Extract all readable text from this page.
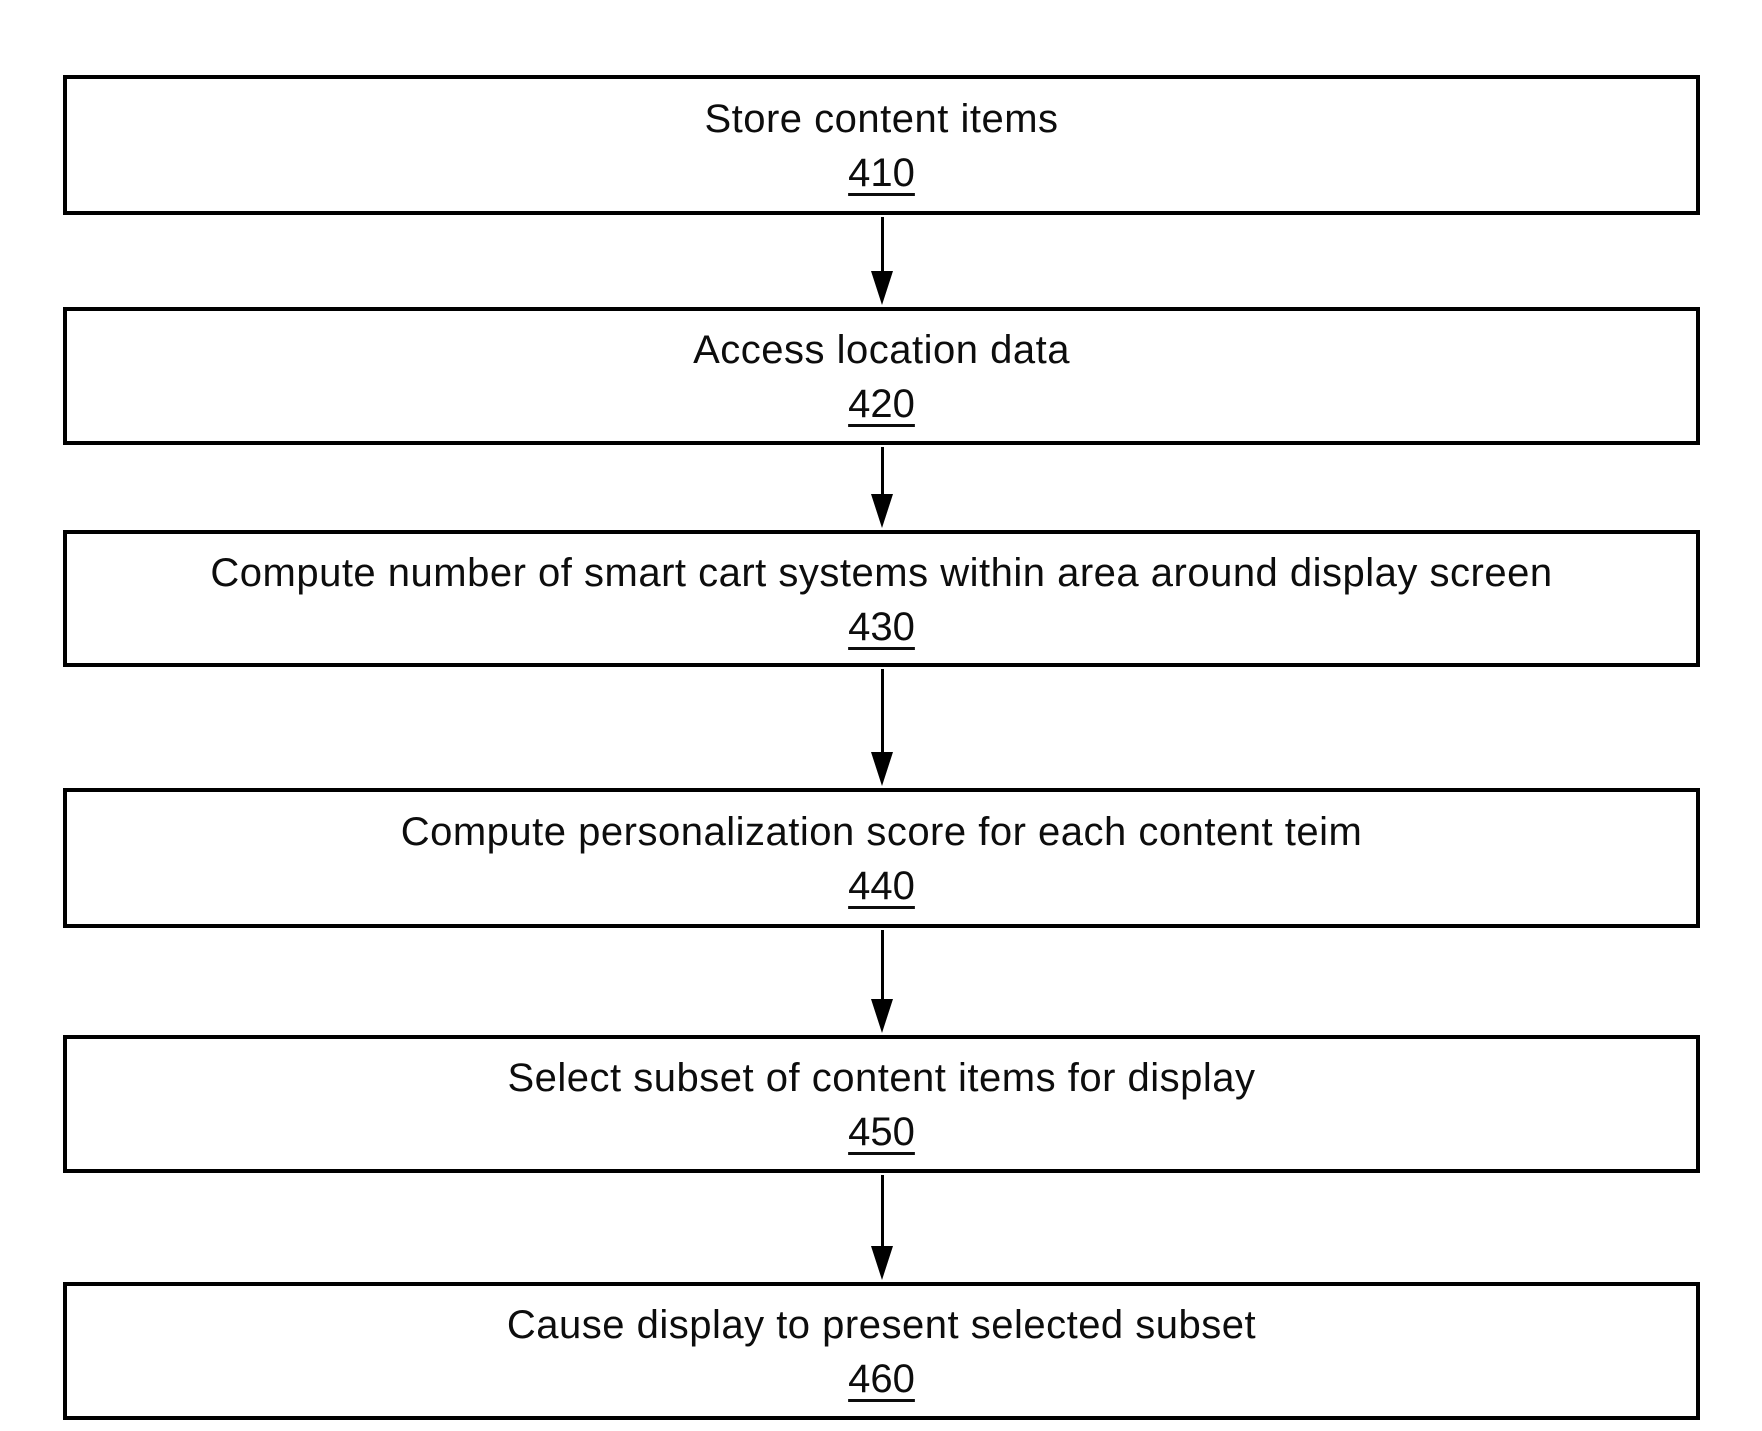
Store content items
410
Access location data
420
Compute number of smart cart systems within area around display screen
430
Compute personalization score for each content teim
440
Select subset of content items for display
450
Cause display to present selected subset
460
